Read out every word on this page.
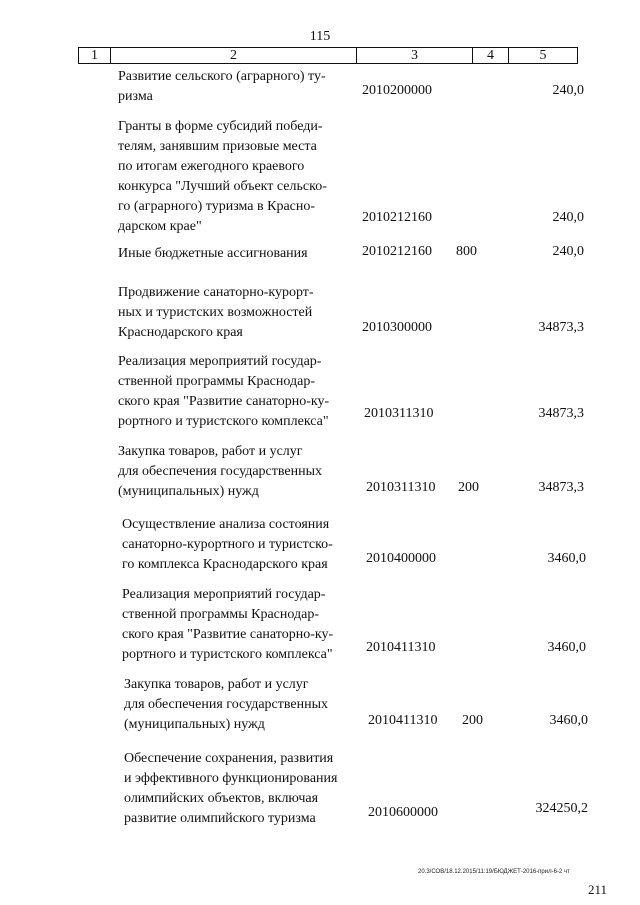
115
1	2	3	4	5
Развитие сельского (аграрного) ту-
ризма	2010200000	240,0
Гранты в форме субсидий победи-
телям, занявшим призовые места
по итогам ежегодного краевого
конкурса "Лучший объект сельско-
го (аграрного) туризма в Красно-
дарском крае"
2010212160	240,0
Иные бюджетные ассигнования	2010212160 800	240,0
Продвижение санаторно-курорт-
ных и туристских возможностей
Краснодарского края	2010300000	34873,3
Реализация мероприятий государ-
ственной программы Краснодар-
ского края "Развитие санаторно-ку-
рортного и туристского комплекса"
2010311310	34873,3
Закупка товаров, работ и услуг
для обеспечения государственных
(муниципальных) нужд	2010311310 200	34873,3
Осуществление анализа состояния
санаторно-курортного и туристско-
го комплекса Краснодарского края	2010400000	3460,0
Реализация мероприятий государ-
ственной программы Краснодар-
ского края "Развитие санаторно-ку-
рортного и туристского комплекса"	2010411310	3460,0
Закупка товаров, работ и услуг
для обеспечения государственных
(муниципальных) нужд	2010411310 200	3460,0
Обеспечение сохранения, развития
и эффективного функционирования
олимпийских объектов, включая
развитие олимпийского туризма	2010600000	324250,2
20.3/СОВ/18.12.2015/11:19/БЮДЖЕТ-2016-прил-6-2 чт
211
